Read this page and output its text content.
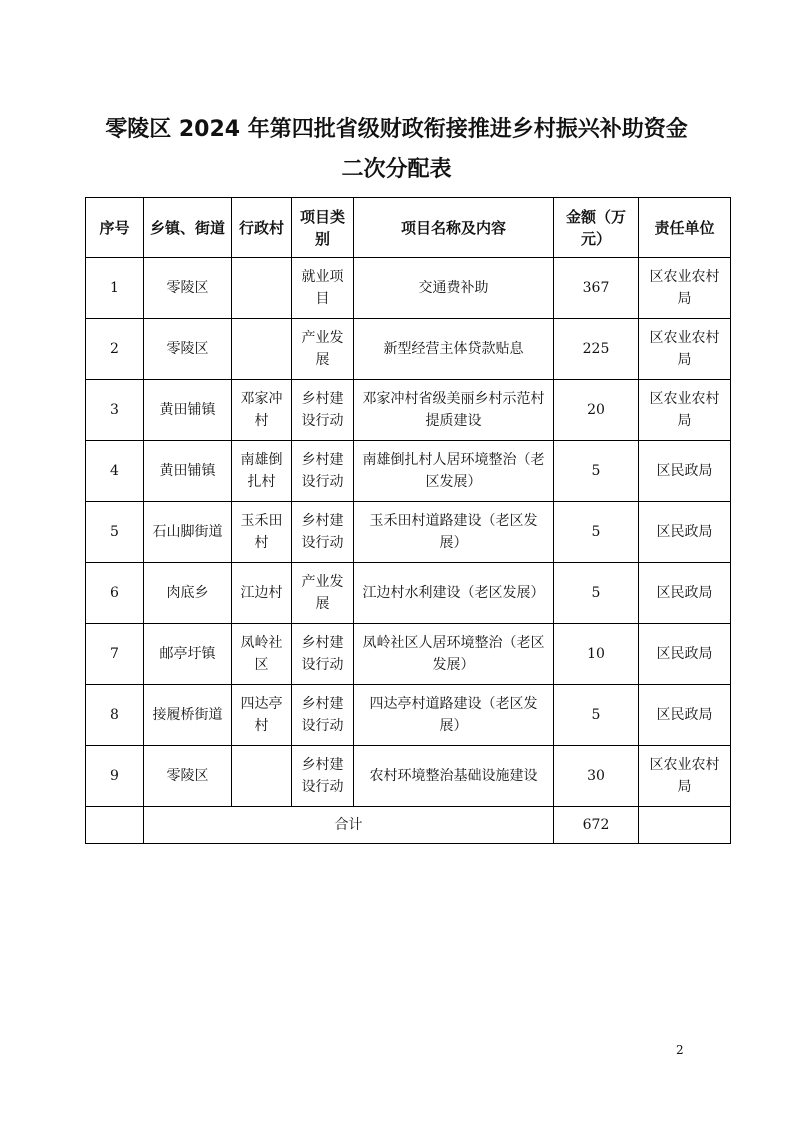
零陵区 2024 年第四批省级财政衔接推进乡村振兴补助资金
二次分配表
序号	乡镇、街道	行政村	项目类别	项目名称及内容	金额（万元）	责任单位
1	零陵区		就业项目	交通费补助	367	区农业农村局
2	零陵区		产业发展	新型经营主体贷款贴息	225	区农业农村局
3	黄田铺镇	邓家冲村	乡村建设行动	邓家冲村省级美丽乡村示范村提质建设	20	区农业农村局
4	黄田铺镇	南雄倒扎村	乡村建设行动	南雄倒扎村人居环境整治（老区发展）	5	区民政局
5	石山脚街道	玉禾田村	乡村建设行动	玉禾田村道路建设（老区发展）	5	区民政局
6	肉底乡	江边村	产业发展	江边村水利建设（老区发展）	5	区民政局
7	邮亭圩镇	凤岭社区	乡村建设行动	凤岭社区人居环境整治（老区发展）	10	区民政局
8	接履桥街道	四达亭村	乡村建设行动	四达亭村道路建设（老区发展）	5	区民政局
9	零陵区		乡村建设行动	农村环境整治基础设施建设	30	区农业农村局
	合计				672	
2
